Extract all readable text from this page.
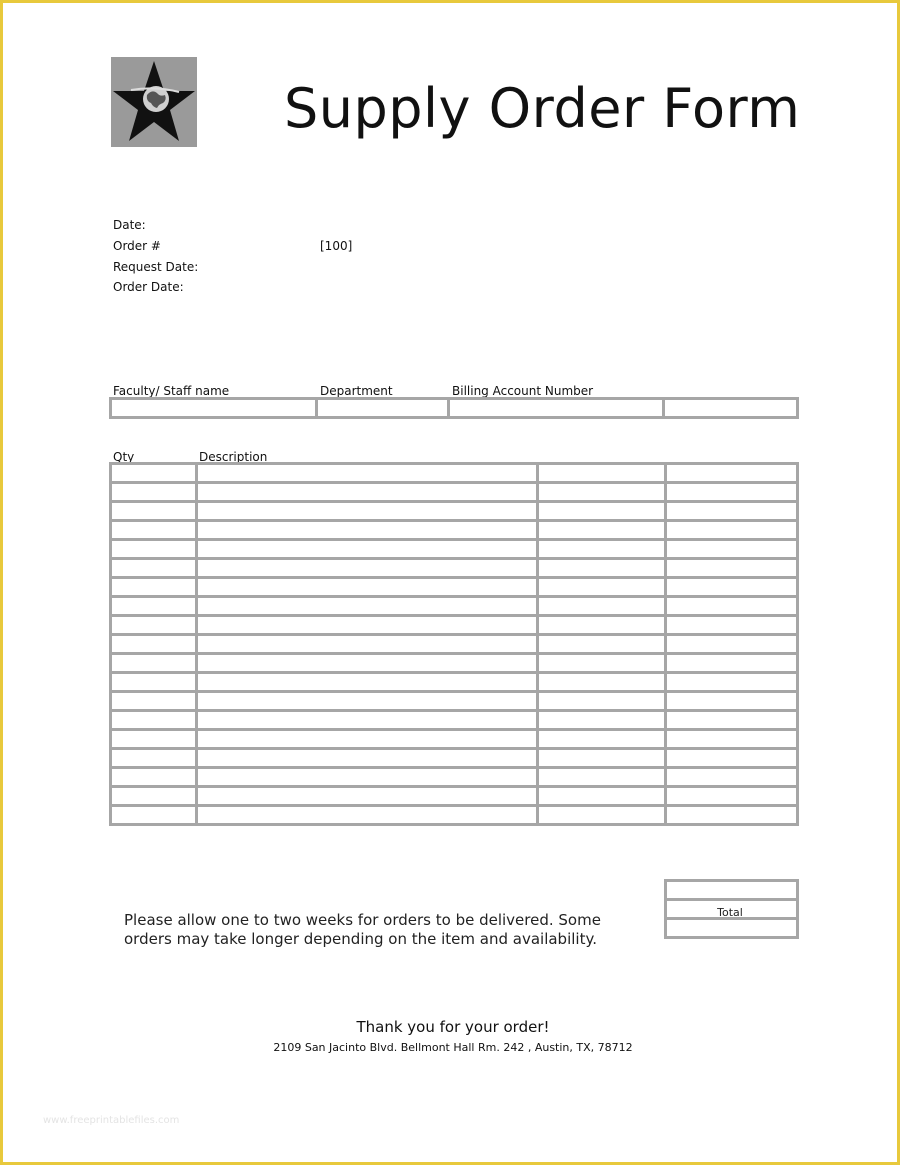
Supply Order Form
Date:
Order #	[100]
Request Date:
Order Date:
Faculty/ Staff name	Department	Billing Account Number

Qty	Description

Total
Please allow one to two weeks for orders to be delivered. Some orders may take longer depending on the item and availability.
Thank you for your order!
2109 San Jacinto Blvd. Bellmont Hall Rm. 242 , Austin, TX, 78712
www.freeprintablefiles.com
